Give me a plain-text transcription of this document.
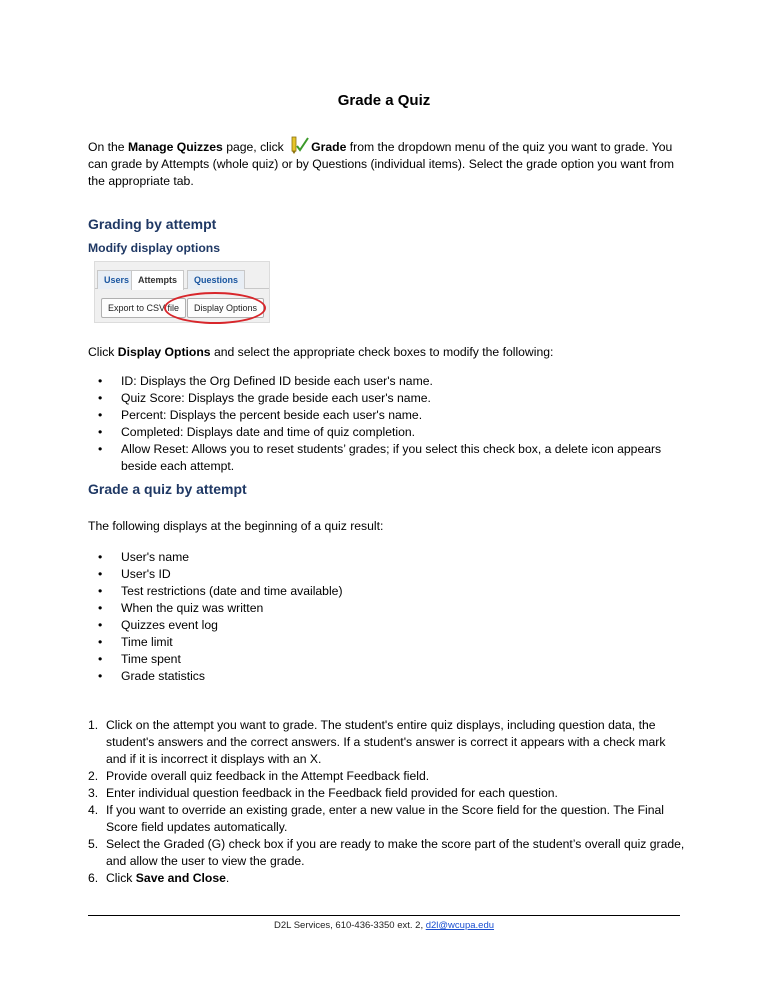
Grade a Quiz
On the Manage Quizzes page, click Grade from the dropdown menu of the quiz you want to grade. You can grade by Attempts (whole quiz) or by Questions (individual items). Select the grade option you want from the appropriate tab.
Grading by attempt
Modify display options
Users Attempts	Questions
Export to CSV file	Display Options

Click Display Options and select the appropriate check boxes to modify the following:

• ID: Displays the Org Defined ID beside each user's name.
• Quiz Score: Displays the grade beside each user's name.
• Percent: Displays the percent beside each user's name.
• Completed: Displays date and time of quiz completion.
• Allow Reset: Allows you to reset students’ grades; if you select this check box, a delete icon appears beside each attempt.
Grade a quiz by attempt

The following displays at the beginning of a quiz result:

• User's name
• User's ID
• Test restrictions (date and time available)
• When the quiz was written
• Quizzes event log
• Time limit
• Time spent
• Grade statistics
1. Click on the attempt you want to grade. The student's entire quiz displays, including question data, the student's answers and the correct answers. If a student's answer is correct it appears with a check mark and if it is incorrect it displays with an X.
2. Provide overall quiz feedback in the Attempt Feedback field.
3. Enter individual question feedback in the Feedback field provided for each question.
4. If you want to override an existing grade, enter a new value in the Score field for the question. The Final Score field updates automatically.
5. Select the Graded (G) check box if you are ready to make the score part of the student’s overall quiz grade, and allow the user to view the grade.
6. Click Save and Close.
D2L Services, 610-436-3350 ext. 2, d2l@wcupa.edu
